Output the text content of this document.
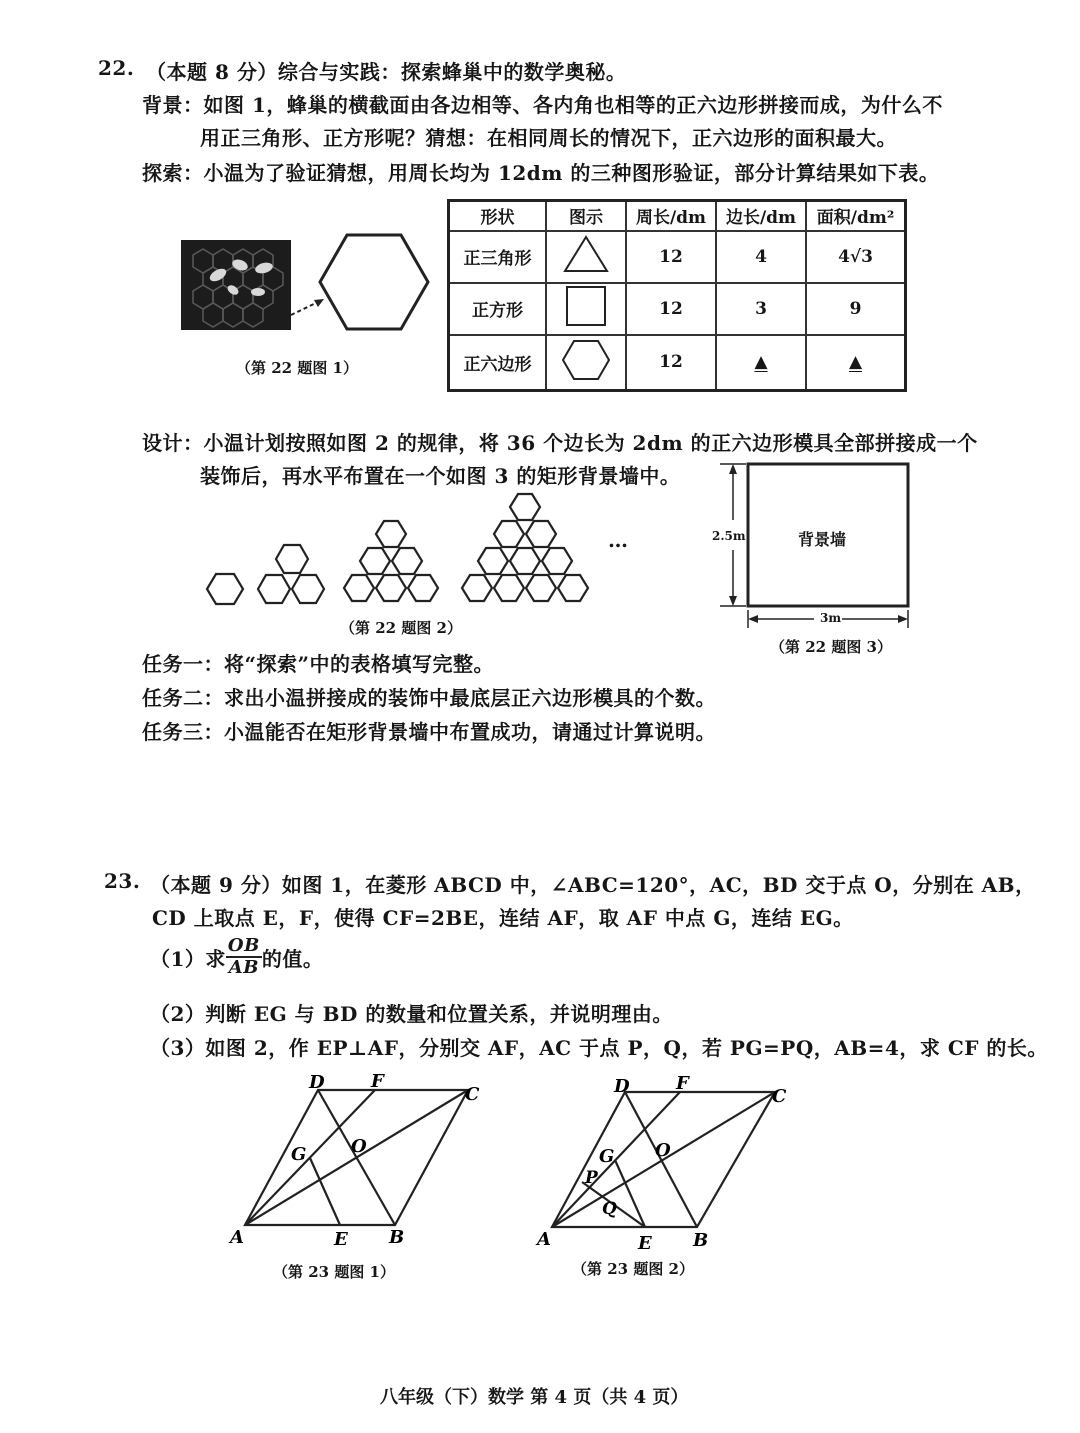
22. （本题 8 分）综合与实践：探索蜂巢中的数学奥秘。
背景：如图 1，蜂巢的横截面由各边相等、各内角也相等的正六边形拼接而成，为什么不
用正三角形、正方形呢？猜想：在相同周长的情况下，正六边形的面积最大。
探索：小温为了验证猜想，用周长均为 12dm 的三种图形验证，部分计算结果如下表。
（第 22 题图 1）
形状	图示	周长/dm	边长/dm	面积/dm²
正三角形		12	4	4√3
正方形		12	3	9
正六边形		12	▲	▲
设计：小温计划按照如图 2 的规律，将 36 个边长为 2dm 的正六边形模具全部拼接成一个
装饰后，再水平布置在一个如图 3 的矩形背景墙中。
…
（第 22 题图 2）
2.5m
3m
背景墙
（第 22 题图 3）
任务一：将“探索”中的表格填写完整。
任务二：求出小温拼接成的装饰中最底层正六边形模具的个数。
任务三：小温能否在矩形背景墙中布置成功，请通过计算说明。
23. （本题 9 分）如图 1，在菱形 ABCD 中，∠ABC=120°，AC，BD 交于点 O，分别在 AB，
CD 上取点 E，F，使得 CF=2BE，连结 AF，取 AF 中点 G，连结 EG。
（1）求 $\frac{OB}{AB}$ 的值。
（2）判断 EG 与 BD 的数量和位置关系，并说明理由。
（3）如图 2，作 EP⊥AF，分别交 AF，AC 于点 P，Q，若 PG=PQ，AB=4，求 CF 的长。
A
D	F
C
G O
E B
（第 23 题图 1）
A
D	F
C
G O
P
Q
E B
（第 23 题图 2）
八年级（下）数学 第 4 页（共 4 页）
